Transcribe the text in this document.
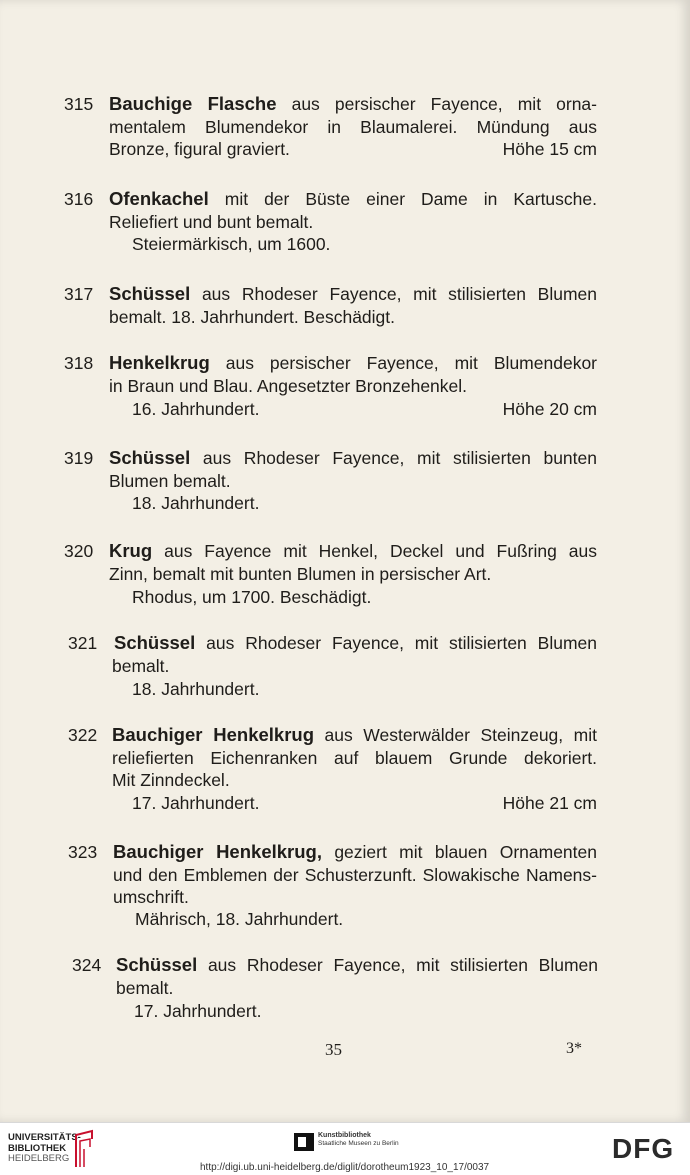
315 Bauchige Flasche aus persischer Fayence, mit orna-
mentalem Blumendekor in Blaumalerei. Mündung aus
Bronze, figural graviert.	Höhe 15 cm
316 Ofenkachel mit der Büste einer Dame in Kartusche.
Reliefiert und bunt bemalt.
Steiermärkisch, um 1600.
317 Schüssel aus Rhodeser Fayence, mit stilisierten Blumen
bemalt. 18. Jahrhundert. Beschädigt.
318 Henkelkrug aus persischer Fayence, mit Blumendekor
in Braun und Blau. Angesetzter Bronzehenkel.
16. Jahrhundert.	Höhe 20 cm
319 Schüssel aus Rhodeser Fayence, mit stilisierten bunten
Blumen bemalt.
18. Jahrhundert.
320 Krug aus Fayence mit Henkel, Deckel und Fußring aus
Zinn, bemalt mit bunten Blumen in persischer Art.
Rhodus, um 1700. Beschädigt.
321 Schüssel aus Rhodeser Fayence, mit stilisierten Blumen
bemalt.
18. Jahrhundert.
322 Bauchiger Henkelkrug aus Westerwälder Steinzeug, mit
reliefierten Eichenranken auf blauem Grunde dekoriert.
Mit Zinndeckel.
17. Jahrhundert.	Höhe 21 cm
323 Bauchiger Henkelkrug, geziert mit blauen Ornamenten
und den Emblemen der Schusterzunft. Slowakische Namens-
umschrift.
Mährisch, 18. Jahrhundert.
324 Schüssel aus Rhodeser Fayence, mit stilisierten Blumen
bemalt.
17. Jahrhundert.
35	3*
UNIVERSITÄTS-
BIBLIOTHEK
HEIDELBERG
Kunstbibliothek
Staatliche Museen zu Berlin	DFG
http://digi.ub.uni-heidelberg.de/diglit/dorotheum1923_10_17/0037
